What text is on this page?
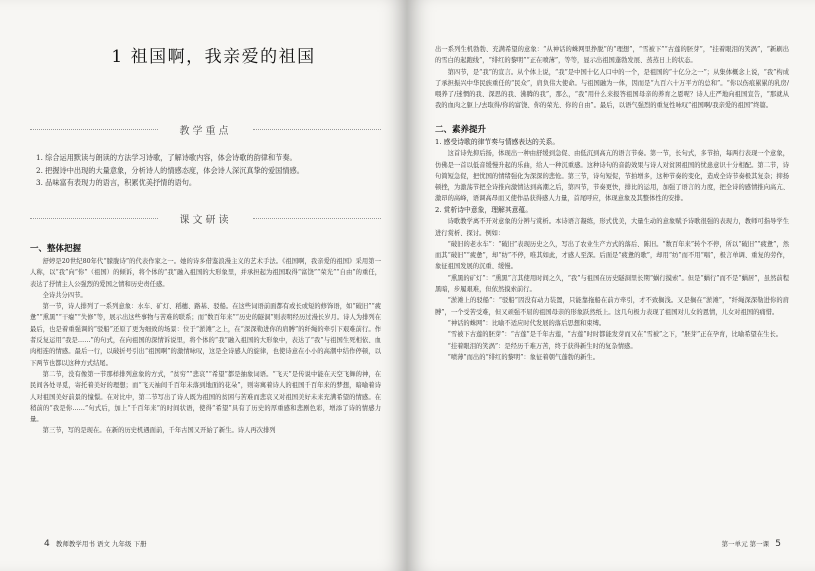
1 祖国啊，我亲爱的祖国
教学重点

1. 综合运用默读与朗读的方法学习诗歌，了解诗歌内容，体会诗歌的韵律和节奏。

2. 把握诗中出现的大量意象，分析诗人的情感态度，体会诗人深沉真挚的爱国情感。

3. 品味富有表现力的语言，积累优美抒情的语句。

课文研读
一、整体把握

舒婷是20世纪80年代“朦胧诗”的代表作家之一。她的诗多借鉴浪漫主义的艺术手法。《祖国啊，我亲爱的祖国》采用第一人称，以“我”向“你”（祖国）的倾诉，将个体的“我”融入祖国的大形象里，并承担起为祖国取得“富饶”“荣光”“自由”的重任，表达了抒情主人公强烈的爱国之情和历史责任感。

全诗共分四节。

第一节，诗人排列了一系列意象：水车、矿灯、稻穗、路基、驳船。在这些词语前面都有或长或短的修饰语，如“破旧”“疲惫”“熏黑”“干瘪”“失修”等，展示出这些事物与苦难的联系；而“数百年来”“历史的隧洞”则表明经历过漫长岁月。诗人为排列在最后，也是着重强调的“驳船”还原了更为细致的场景：位于“淤滩”之上，在“深深勒进你的肩膊”的纤绳的牵引下艰难前行。作者反复运用“我是……”的句式，在向祖国的深情诉说里，将个体的“我”融入祖国的大形象中，表达了“我”与祖国生死相依、血肉相连的情感。最后一行，以破折号引出“祖国啊”的激情咏叹，这是全诗感人的旋律，也使诗意在小小的高潮中结作停顿，以下两节也都以这种方式结尾。

第二节，没有像第一节那样排列意象的方式，“贫穷”“悲哀”“希望”都是抽象词语。“飞天”是传说中能在天空飞舞的神，在民间各处寻觅，寄托着美好的理想；而“飞天袖间千百年未落到地面的花朵”，则寄寓着诗人的祖国千百年来的梦想，暗喻着诗人对祖国美好前景的憧憬。在对比中，第二节写出了诗人既为祖国的贫困与苦难而悲哀又对祖国美好未来充满希望的情感。在稍前的“我是你……”句式后，加上“千百年来”的时间状语，使得“希望”具有了历史的厚重感和悲剧色彩，增添了诗的情感力量。

第三节，写的是现在。在新的历史机遇面前，千年古国又开始了新生。诗人再次排列

4 教师教学用书 语文 九年级 下册

出一系列生机勃勃、充满希望的意象：“从神话的蛛网里挣脱”的“理想”，“雪被下”“古莲的胚芽”，“挂着眼泪的笑涡”，“新刷出的雪白的起跑线”，“绯红的黎明”“正在喷薄”，等等，显示出祖国蓬勃发展、蒸蒸日上的状态。

第四节，是“我”的宣言。从个体上说，“我”是中国十亿人口中的一个，是祖国的“十亿分之一”；从集体概念上说，“我”构成了承担振兴中华民族重任的“民众”，肩负伟大使命。与祖国融为一体，因而是“九百六十万平方的总和”。“你以伤痕累累的乳房/喂养了/迷惘的我、深思的我、沸腾的我”，那么，“我”用什么来报答祖国母亲的养育之恩呢？诗人庄严地向祖国宣告，“那就从我的血肉之躯上/去取得/你的富饶、你的荣光、你的自由”。最后，以语气强烈的重复性咏叹“祖国啊/我亲爱的祖国”终篇。

二、素养提升
1. 感受诗歌的律节奏与情感表达的关系。

这首诗先抑后扬，体现出一种由舒缓到急促、由低沉到高亢的语言节奏。第一节，长句式，多节拍，每两行表现一个意象，仿佛是一首以低音缓慢升起的乐曲，给人一种沉重感。这种诗句的音韵效果与诗人对贫困祖国的忧患意识十分相配。第二节，诗句简短急促，把忧国的情绪强化为深深的悲怆。第三节，诗句短促，节拍增多，这种节奏的变化，造成全诗节奏极其复杂；抑扬顿挫，为激荡节把全诗推向激情达到高潮之后，第四节，节奏更快，排比的运用，加强了语言的力度，把全诗的感情推向高亢、激昂的高峰，语调高昂而又使作品获得感人力量，首尾呼应，体现意象及其整体性的安排。

2. 赏析诗中意象，理解其意蕴。

诗歌教学离不开对意象的分辨与赏析。本诗语言凝练，形式优美，大量生动的意象赋予诗歌很强的表现力，教师可指导学生进行赏析、探讨。例如：

“破旧的老水车”：“破旧”表现历史之久，写出了农业生产方式的落后、陈旧。“数百年来”转个不停，所以“破旧”“疲惫”，然而其“破旧”“疲惫”，却“纺”不停，唯其如此，才感人至深。后面是“疲惫的歌”，却用“纺”而不用“唱”，极言单调、重复的劳作，象征祖国发展的沉重、缓慢。

“熏黑的矿灯”：“熏黑”言其使用时间之久，“我”与祖国在历史隧洞里长期“蜗行摸索”。但是“蜗行”而不是“蜗居”，虽然前程黑暗，步履艰难，但依然摸索前行。

“淤滩上的驳船”：“驳船”因没有动力装置，只能靠拖船在前方牵引，才不致搁浅。又是搁在“淤滩”，“纤绳深深勒进你的肩膊”，一个受苦受难，但又顽强不屈的祖国母亲的形象跃然纸上。这几句极力表现了祖国对儿女的恩情，儿女对祖国的痛惜。

“神话的蛛网”：比喻不适应时代发展的落后思想和束缚。

“雪被下古莲的胚芽”：“古莲”是千年古莲，“古莲”时时都能发芽而又在“雪被”之下，“胚芽”正在孕育，比喻希望在生长。

“挂着眼泪的笑涡”：是经历千难万苦，终于获得新生时的复杂情感。

“喷薄”而出的“绯红的黎明”：象征着朝气蓬勃的新生。

第一单元 第一课 5
